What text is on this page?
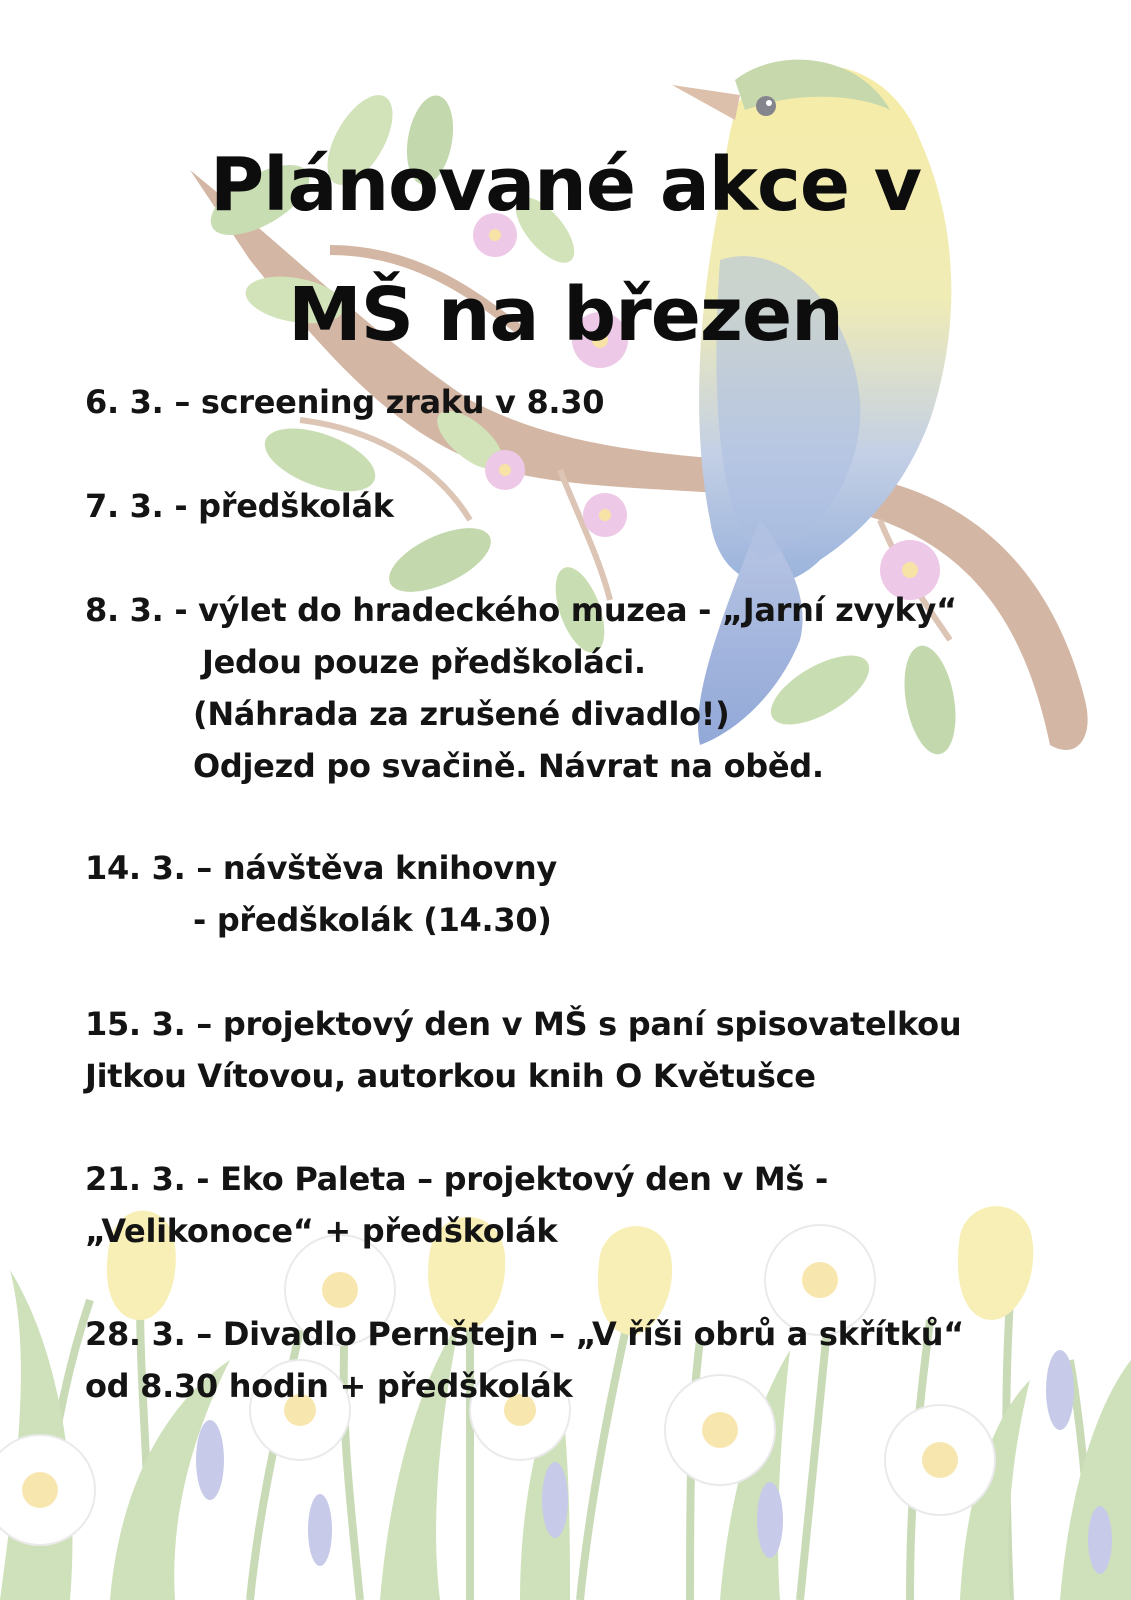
Plánované akce v
MŠ na březen
6. 3. – screening zraku v 8.30
7. 3. - předškolák
8. 3. - výlet do hradeckého muzea - „Jarní zvyky“
Jedou pouze předškoláci.
(Náhrada za zrušené divadlo!)
Odjezd po svačině. Návrat na oběd.
14. 3. – návštěva knihovny
- předškolák (14.30)
15. 3. – projektový den v MŠ s paní spisovatelkou
Jitkou Vítovou, autorkou knih O Květušce
21. 3. - Eko Paleta – projektový den v Mš -
„Velikonoce“ + předškolák
28. 3. – Divadlo Pernštejn – „V říši obrů a skřítků“
od 8.30 hodin + předškolák
